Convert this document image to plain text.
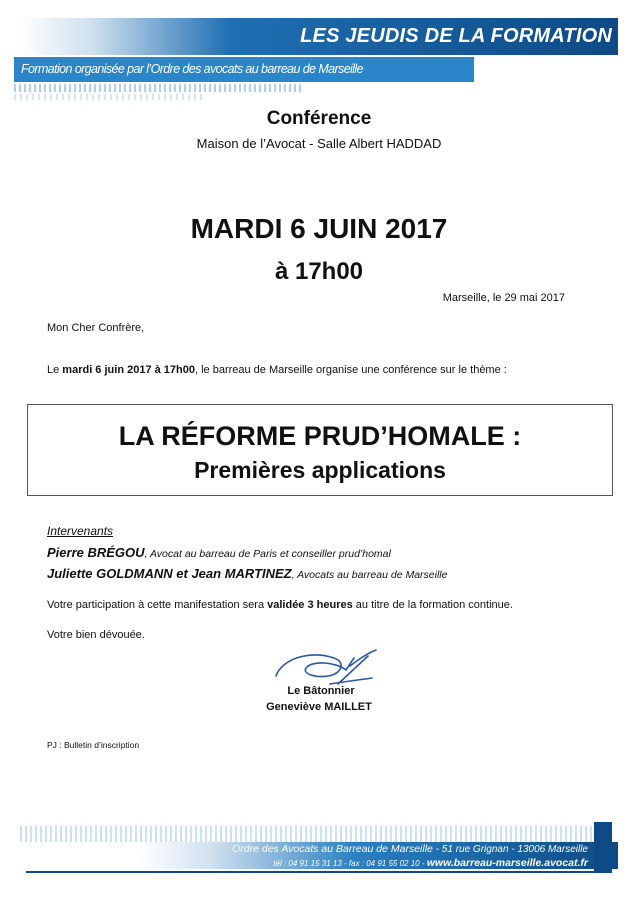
LES JEUDIS DE LA FORMATION
Formation organisée par l’Ordre des avocats au barreau de Marseille
Conférence
Maison de l’Avocat - Salle Albert HADDAD
MARDI 6 JUIN 2017
à 17h00
Marseille, le 29 mai 2017
Mon Cher Confrère,
Le mardi 6 juin 2017 à 17h00, le barreau de Marseille organise une conférence sur le thème :
LA RÉFORME PRUD’HOMALE :
Premières applications
Intervenants
Pierre BRÉGOU, Avocat au barreau de Paris et conseiller prud’homal
Juliette GOLDMANN et Jean MARTINEZ, Avocats au barreau de Marseille
Votre participation à cette manifestation sera validée 3 heures au titre de la formation continue.
Votre bien dévouée.
Le Bâtonnier
Geneviève MAILLET
PJ : Bulletin d’inscription
Ordre des Avocats au Barreau de Marseille - 51 rue Grignan - 13006 Marseille
tél : 04 91 15 31 13 - fax : 04 91 55 02 10 - www.barreau-marseille.avocat.fr
